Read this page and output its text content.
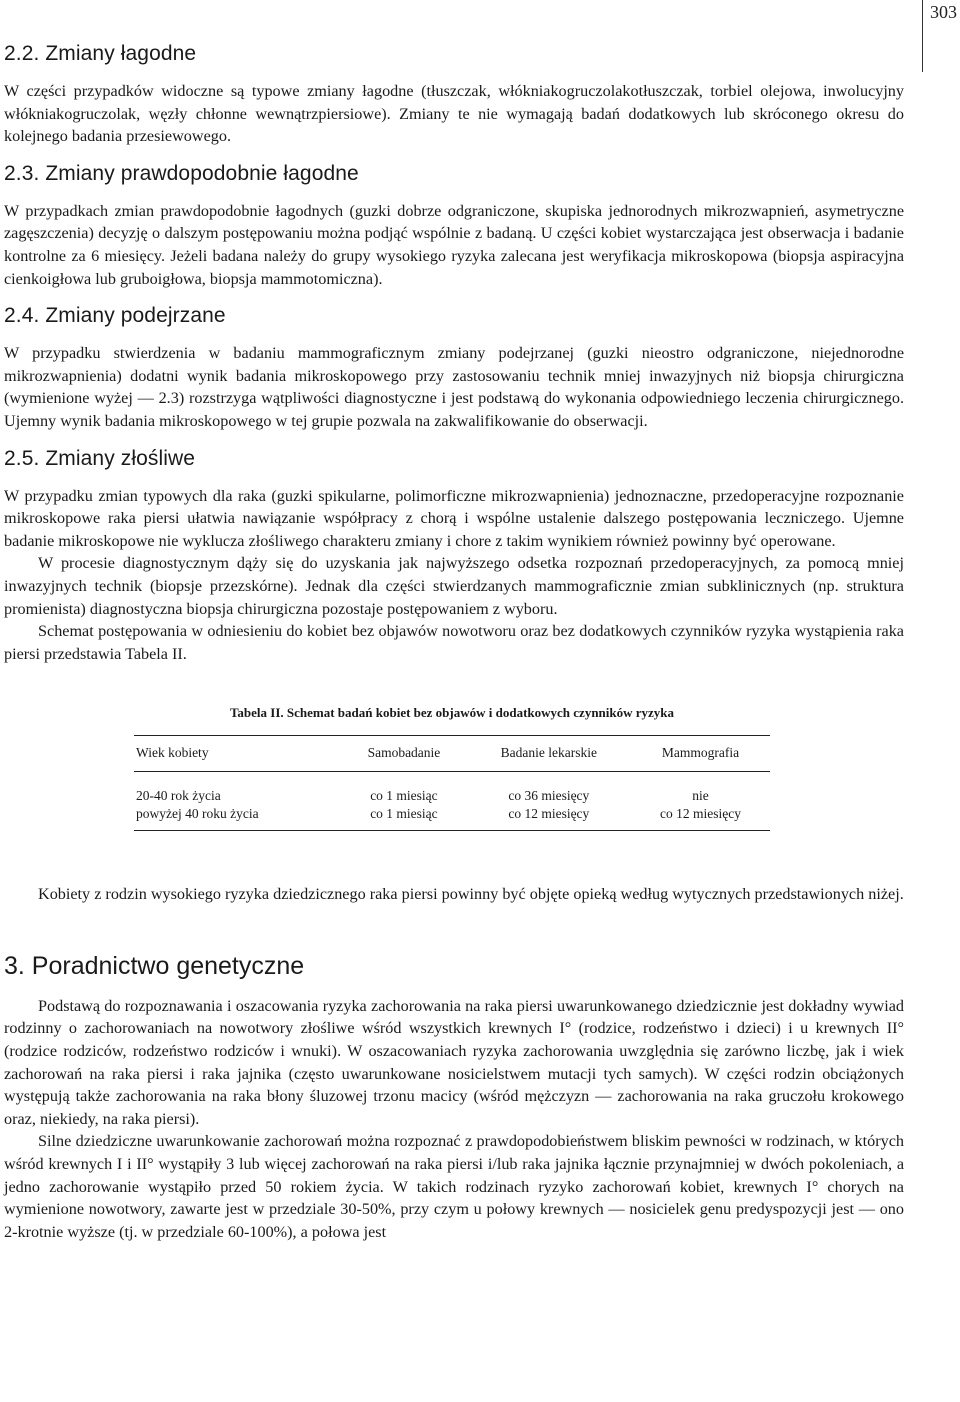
303
2.2. Zmiany łagodne

W części przypadków widoczne są typowe zmiany łagodne (tłuszczak, włókniakogruczolakotłuszczak, torbiel olejowa, inwolucyjny włókniakogruczolak, węzły chłonne wewnątrzpiersiowe). Zmiany te nie wymagają badań dodatkowych lub skróconego okresu do kolejnego badania przesiewowego.

2.3. Zmiany prawdopodobnie łagodne

W przypadkach zmian prawdopodobnie łagodnych (guzki dobrze odgraniczone, skupiska jednorodnych mikrozwapnień, asymetryczne zagęszczenia) decyzję o dalszym postępowaniu można podjąć wspólnie z badaną. U części kobiet wystarczająca jest obserwacja i badanie kontrolne za 6 miesięcy. Jeżeli badana należy do grupy wysokiego ryzyka zalecana jest weryfikacja mikroskopowa (biopsja aspiracyjna cienkoigłowa lub gruboigłowa, biopsja mammotomiczna).

2.4. Zmiany podejrzane

W przypadku stwierdzenia w badaniu mammograficznym zmiany podejrzanej (guzki nieostro odgraniczone, niejednorodne mikrozwapnienia) dodatni wynik badania mikroskopowego przy zastosowaniu technik mniej inwazyjnych niż biopsja chirurgiczna (wymienione wyżej — 2.3) rozstrzyga wątpliwości diagnostyczne i jest podstawą do wykonania odpowiedniego leczenia chirurgicznego. Ujemny wynik badania mikroskopowego w tej grupie pozwala na zakwalifikowanie do obserwacji.

2.5. Zmiany złośliwe

W przypadku zmian typowych dla raka (guzki spikularne, polimorficzne mikrozwapnienia) jednoznaczne, przedoperacyjne rozpoznanie mikroskopowe raka piersi ułatwia nawiązanie współpracy z chorą i wspólne ustalenie dalszego postępowania leczniczego. Ujemne badanie mikroskopowe nie wyklucza złośliwego charakteru zmiany i chore z takim wynikiem również powinny być operowane.

W procesie diagnostycznym dąży się do uzyskania jak najwyższego odsetka rozpoznań przedoperacyjnych, za pomocą mniej inwazyjnych technik (biopsje przezskórne). Jednak dla części stwierdzanych mammograficznie zmian subklinicznych (np. struktura promienista) diagnostyczna biopsja chirurgiczna pozostaje postępowaniem z wyboru.

Schemat postępowania w odniesieniu do kobiet bez objawów nowotworu oraz bez dodatkowych czynników ryzyka wystąpienia raka piersi przedstawia Tabela II.

Tabela II. Schemat badań kobiet bez objawów i dodatkowych czynników ryzyka
Wiek kobiety	Samobadanie	Badanie lekarskie	Mammografia
20-40 rok życia	co 1 miesiąc	co 36 miesięcy	nie
powyżej 40 roku życia	co 1 miesiąc	co 12 miesięcy	co 12 miesięcy

Kobiety z rodzin wysokiego ryzyka dziedzicznego raka piersi powinny być objęte opieką według wytycznych przedstawionych niżej.

3. Poradnictwo genetyczne

Podstawą do rozpoznawania i oszacowania ryzyka zachorowania na raka piersi uwarunkowanego dziedzicznie jest dokładny wywiad rodzinny o zachorowaniach na nowotwory złośliwe wśród wszystkich krewnych I° (rodzice, rodzeństwo i dzieci) i u krewnych II° (rodzice rodziców, rodzeństwo rodziców i wnuki). W oszacowaniach ryzyka zachorowania uwzględnia się zarówno liczbę, jak i wiek zachorowań na raka piersi i raka jajnika (często uwarunkowane nosicielstwem mutacji tych samych). W części rodzin obciążonych występują także zachorowania na raka błony śluzowej trzonu macicy (wśród mężczyzn — zachorowania na raka gruczołu krokowego oraz, niekiedy, na raka piersi).

Silne dziedziczne uwarunkowanie zachorowań można rozpoznać z prawdopodobieństwem bliskim pewności w rodzinach, w których wśród krewnych I i II° wystąpiły 3 lub więcej zachorowań na raka piersi i/lub raka jajnika łącznie przynajmniej w dwóch pokoleniach, a jedno zachorowanie wystąpiło przed 50 rokiem życia. W takich rodzinach ryzyko zachorowań kobiet, krewnych I° chorych na wymienione nowotwory, zawarte jest w przedziale 30-50%, przy czym u połowy krewnych — nosicielek genu predyspozycji jest — ono 2-krotnie wyższe (tj. w przedziale 60-100%), a połowa jest
